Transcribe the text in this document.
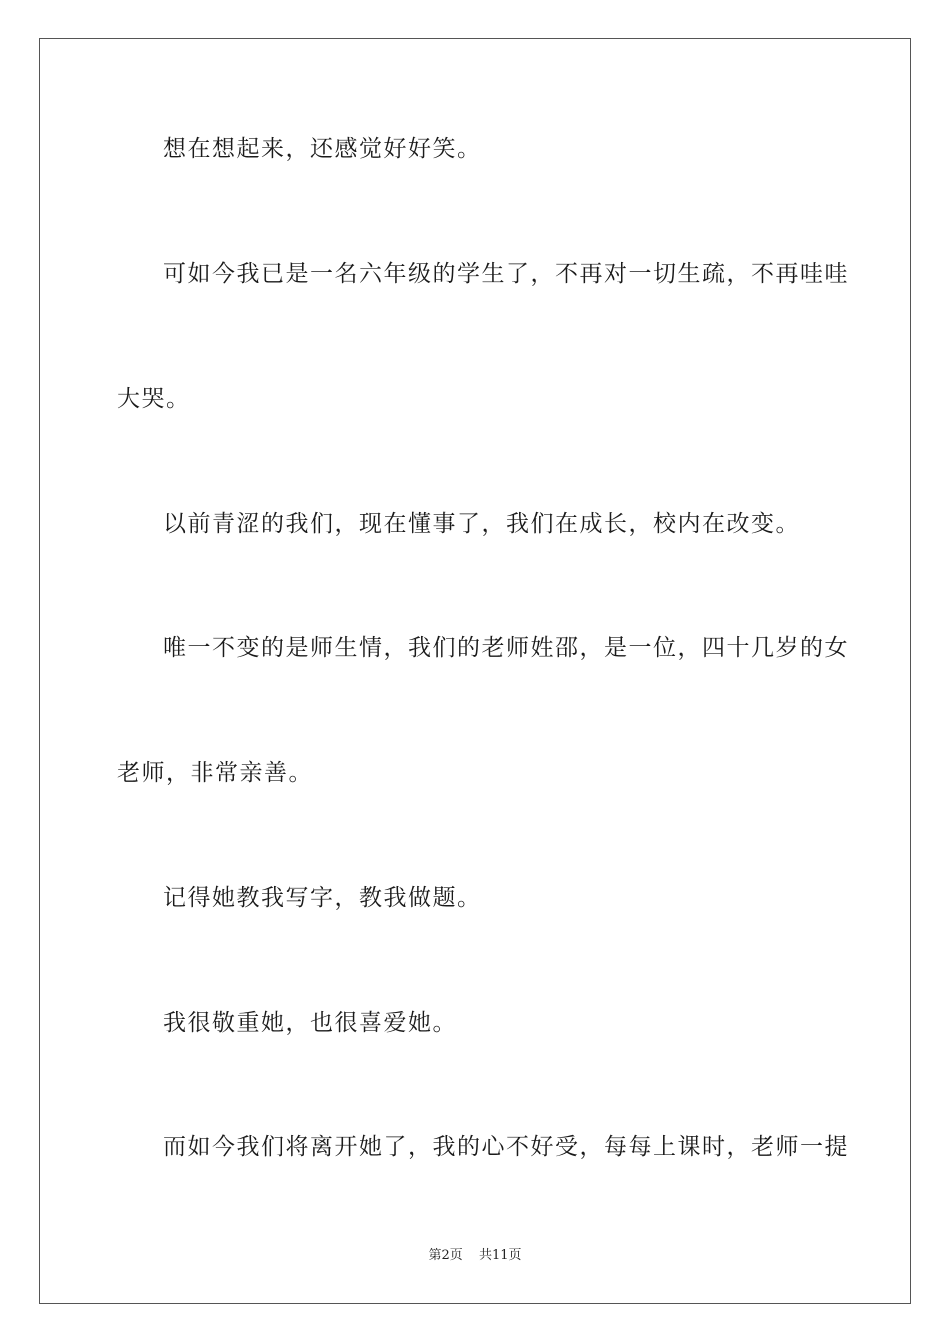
想在想起来，还感觉好好笑。
可如今我已是一名六年级的学生了，不再对一切生疏，不再哇哇
大哭。
以前青涩的我们，现在懂事了，我们在成长，校内在改变。
唯一不变的是师生情，我们的老师姓邵，是一位，四十几岁的女
老师，非常亲善。
记得她教我写字，教我做题。
我很敬重她，也很喜爱她。
而如今我们将离开她了，我的心不好受，每每上课时，老师一提
第2页 共11页
